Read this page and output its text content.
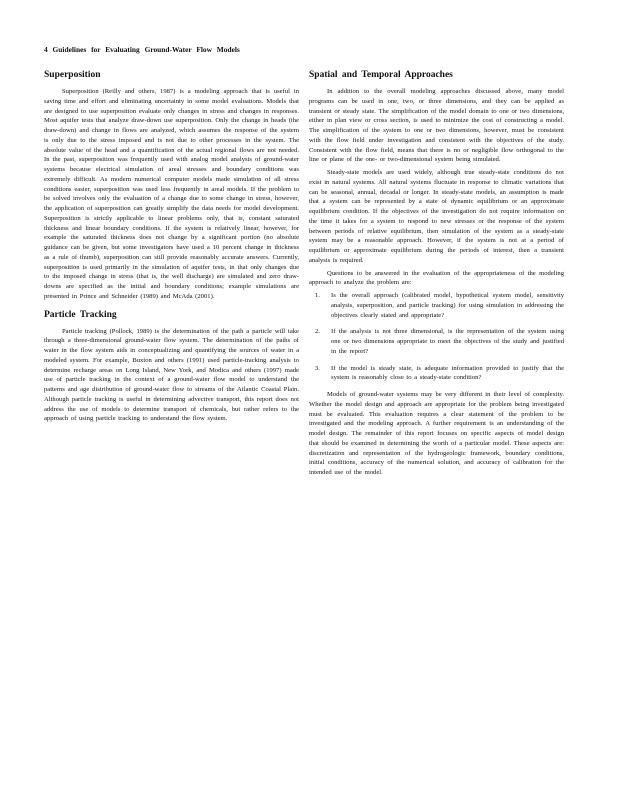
4 Guidelines for Evaluating Ground-Water Flow Models
Superposition

Superposition (Reilly and others, 1987) is a modeling approach that is useful in saving time and effort and eliminating uncertainty in some model evaluations. Models that are designed to use superposition evaluate only changes in stress and changes in responses. Most aquifer tests that analyze draw-down use superposition. Only the change in heads (the draw-down) and change in flows are analyzed, which assumes the response of the system is only due to the stress imposed and is not due to other processes in the system. The absolute value of the head and a quantification of the actual regional flows are not needed. In the past, superposition was frequently used with analog model analysis of ground-water systems because electrical simulation of areal stresses and boundary conditions was extremely difficult. As modern numerical computer models made simulation of all stress conditions easier, superposition was used less frequently in areal models. If the problem to be solved involves only the evaluation of a change due to some change in stress, however, the application of superposition can greatly simplify the data needs for model development. Superposition is strictly applicable to linear problems only, that is, constant saturated thickness and linear boundary conditions. If the system is relatively linear, however, for example the saturated thickness does not change by a significant portion (no absolute guidance can be given, but some investigators have used a 10 percent change in thickness as a rule of thumb), superposition can still provide reasonably accurate answers. Currently, superposition is used primarily in the simulation of aquifer tests, in that only changes due to the imposed change in stress (that is, the well discharge) are simulated and zero draw-downs are specified as the initial and boundary conditions; example simulations are presented in Prince and Schneider (1989) and McAda (2001).

Particle Tracking

Particle tracking (Pollock, 1989) is the determination of the path a particle will take through a three-dimensional ground-water flow system. The determination of the paths of water in the flow system aids in conceptualizing and quantifying the sources of water in a modeled system. For example, Buxton and others (1991) used particle-tracking analysis to determine recharge areas on Long Island, New York, and Modica and others (1997) made use of particle tracking in the context of a ground-water flow model to understand the patterns and age distribution of ground-water flow to streams of the Atlantic Coastal Plain. Although particle tracking is useful in determining advective transport, this report does not address the use of models to determine transport of chemicals, but rather refers to the approach of using particle tracking to understand the flow system.

Spatial and Temporal Approaches

In addition to the overall modeling approaches discussed above, many model programs can be used in one, two, or three dimensions, and they can be applied as transient or steady state. The simplification of the model domain to one or two dimensions, either in plan view or cross section, is used to minimize the cost of constructing a model. The simplification of the system to one or two dimensions, however, must be consistent with the flow field under investigation and consistent with the objectives of the study. Consistent with the flow field, means that there is no or negligible flow orthogonal to the line or plane of the one- or two-dimensional system being simulated.

Steady-state models are used widely, although true steady-state conditions do not exist in natural systems. All natural systems fluctuate in response to climatic variations that can be seasonal, annual, decadal or longer. In steady-state models, an assumption is made that a system can be represented by a state of dynamic equilibrium or an approximate equilibrium condition. If the objectives of the investigation do not require information on the time it takes for a system to respond to new stresses or the response of the system between periods of relative equilibrium, then simulation of the system as a steady-state system may be a reasonable approach. However, if the system is not at a period of equilibrium or approximate equilibrium during the periods of interest, then a transient analysis is required.

Questions to be answered in the evaluation of the appropriateness of the modeling approach to analyze the problem are:

1. Is the overall approach (calibrated model, hypothetical system model, sensitivity analysis, superposition, and particle tracking) for using simulation in addressing the objectives clearly stated and appropriate?
2. If the analysis is not three dimensional, is the representation of the system using one or two dimensions appropriate to meet the objectives of the study and justified in the report?
3. If the model is steady state, is adequate information provided to justify that the system is reasonably close to a steady-state condition?

Models of ground-water systems may be very different in their level of complexity. Whether the model design and approach are appropriate for the problem being investigated must be evaluated. This evaluation requires a clear statement of the problem to be investigated and the modeling approach. A further requirement is an understanding of the model design. The remainder of this report focuses on specific aspects of model design that should be examined in determining the worth of a particular model. These aspects are: discretization and representation of the hydrogeologic framework, boundary conditions, initial conditions, accuracy of the numerical solution, and accuracy of calibration for the intended use of the model.
